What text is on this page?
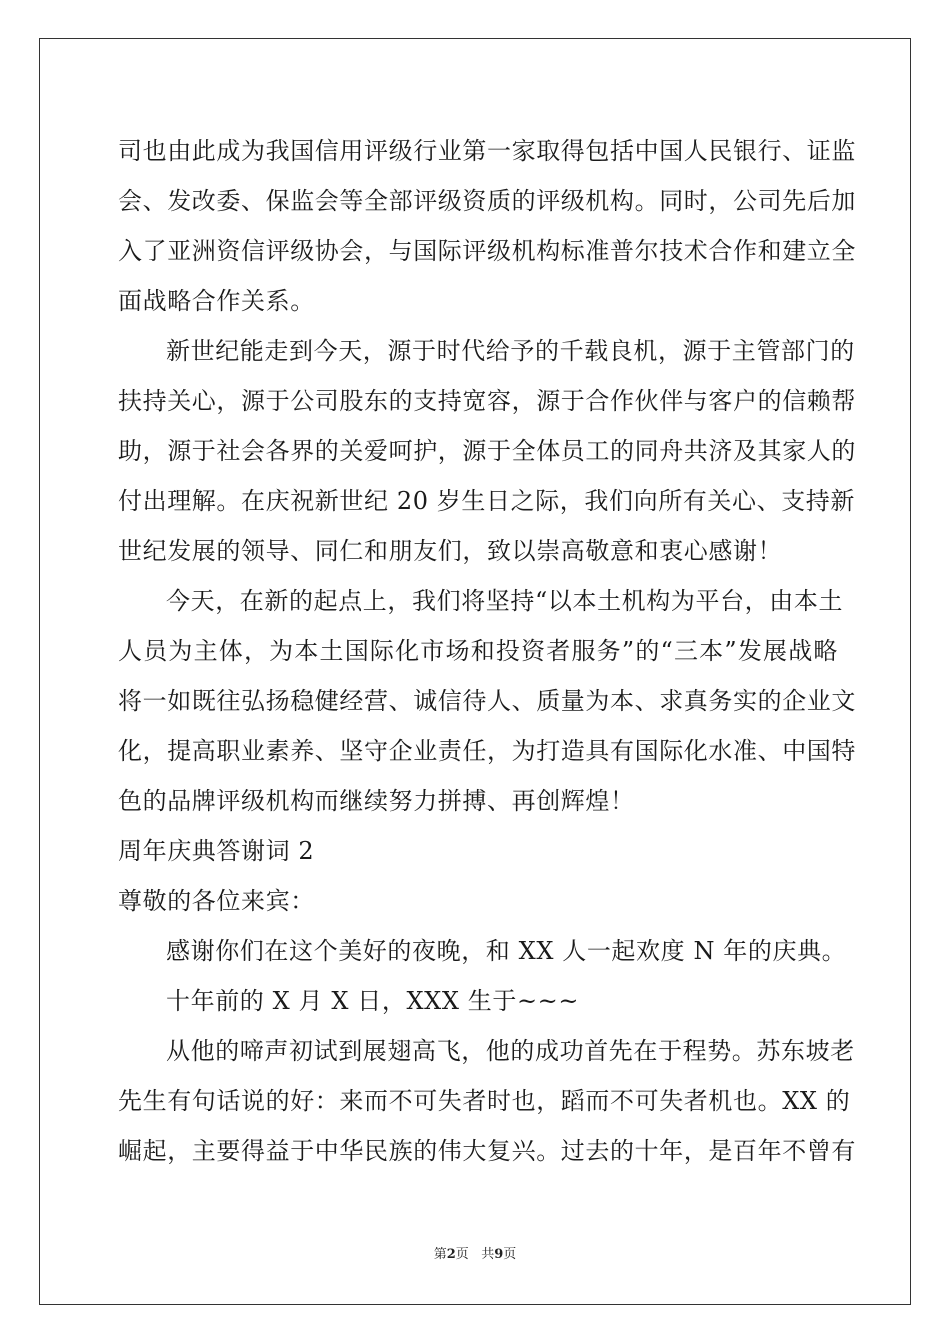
司也由此成为我国信用评级行业第一家取得包括中国人民银行、证监
会、发改委、保监会等全部评级资质的评级机构。同时，公司先后加
入了亚洲资信评级协会，与国际评级机构标准普尔技术合作和建立全
面战略合作关系。
新世纪能走到今天，源于时代给予的千载良机，源于主管部门的
扶持关心，源于公司股东的支持宽容，源于合作伙伴与客户的信赖帮
助，源于社会各界的关爱呵护，源于全体员工的同舟共济及其家人的
付出理解。在庆祝新世纪 20 岁生日之际，我们向所有关心、支持新
世纪发展的领导、同仁和朋友们，致以崇高敬意和衷心感谢！
今天，在新的起点上，我们将坚持“以本土机构为平台，由本土
人员为主体，为本土国际化市场和投资者服务”的“三本”发展战略
将一如既往弘扬稳健经营、诚信待人、质量为本、求真务实的企业文
化，提高职业素养、坚守企业责任，为打造具有国际化水准、中国特
色的品牌评级机构而继续努力拼搏、再创辉煌！
周年庆典答谢词 2
尊敬的各位来宾：
感谢你们在这个美好的夜晚，和 XX 人一起欢度 N 年的庆典。
十年前的 X 月 X 日，XXX 生于~~~
从他的啼声初试到展翅高飞，他的成功首先在于程势。苏东坡老
先生有句话说的好：来而不可失者时也，蹈而不可失者机也。XX 的
崛起，主要得益于中华民族的伟大复兴。过去的十年，是百年不曾有
第2页 共9页
